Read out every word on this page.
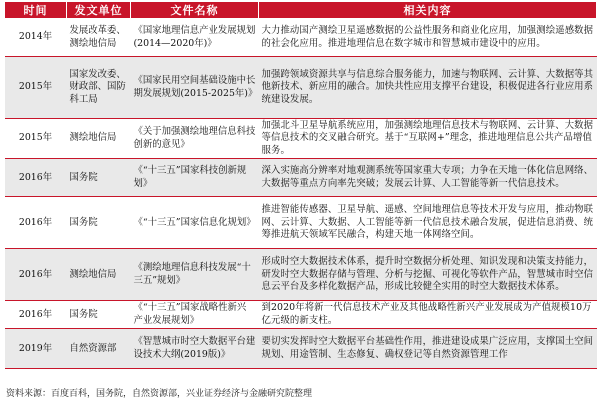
时间	发文单位	文件名称	相关内容
2014年	发展改革委、测绘地信局	《国家地理信息产业发展规划(2014—2020年)》	大力推动国产测绘卫星遥感数据的公益性服务和商业化应用，加强测绘遥感数据的社会化应用。推进地理信息在数字城市和智慧城市建设中的应用。
2015年	国家发改委、财政部、国防科工局	《国家民用空间基础设施中长期发展规划(2015-2025年)》	加强跨领域资源共享与信息综合服务能力，加速与物联网、云计算、大数据等其他新技术、新应用的融合。加快共性应用支撑平台建设，积极促进各行业应用系统建设发展。
2015年	测绘地信局	《关于加强测绘地理信息科技创新的意见》	加强北斗卫星导航系统应用，加强测绘地理信息技术与物联网、云计算、大数据等信息技术的交叉融合研究。基于“互联网+”理念，推进地理信息公共产品增值服务。
2016年	国务院	《“十三五”国家科技创新规划》	深入实施高分辨率对地观测系统等国家重大专项；力争在天地一体化信息网络、大数据等重点方向率先突破；发展云计算、人工智能等新一代信息技术。
2016年	国务院	《“十三五”国家信息化规划》	推进智能传感器、卫星导航、遥感、空间地理信息等技术开发与应用，推动物联网、云计算、大数据、人工智能等新一代信息技术融合发展，促进信息消费、统筹推进航天领域军民融合，构建天地一体网络空间。
2016年	测绘地信局	《测绘地理信息科技发展“十三五”规划》	形成时空大数据技术体系，提升时空数据分析处理、知识发现和决策支持能力，研发时空大数据存储与管理、分析与挖掘、可视化等软件产品，智慧城市时空信息云平台及多样化数据产品，形成比较健全实用的时空大数据技术体系。
2016年	国务院	《“十三五”国家战略性新兴产业发展规划》	到2020年将新一代信息技术产业及其他战略性新兴产业发展成为产值规模10万亿元级的新支柱。
2019年	自然资源部	《智慧城市时空大数据平台建设技术大纲(2019版)》	要切实发挥时空大数据平台基础性作用，推进建设成果广泛应用，支撑国土空间规划、用途管制、生态修复、确权登记等自然资源管理工作
资料来源：百度百科，国务院，自然资源部，兴业证券经济与金融研究院整理
